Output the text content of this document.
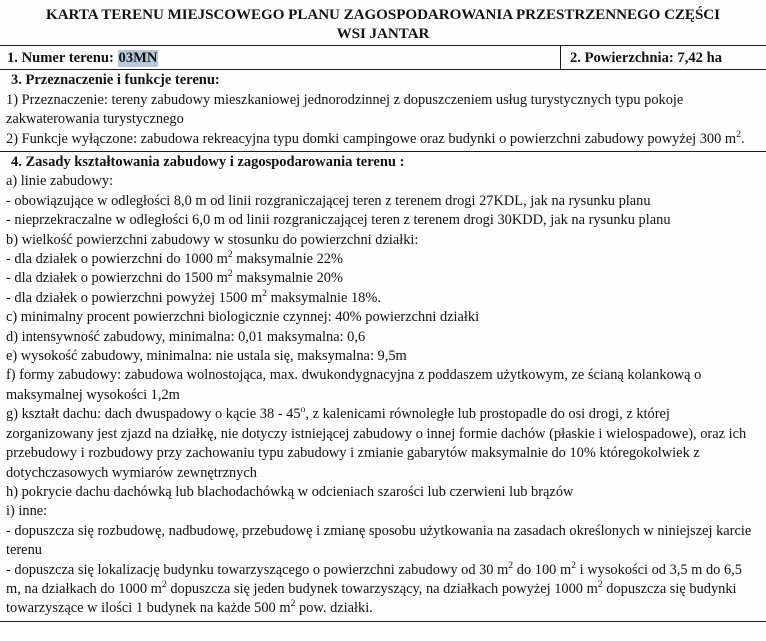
KARTA TERENU MIEJSCOWEGO PLANU ZAGOSPODAROWANIA PRZESTRZENNEGO CZĘŚCI
WSI JANTAR
1. Numer terenu:
03MN	2. Powierzchnia: 7,42 ha

3. Przeznaczenie i funkcje terenu:

1) Przeznaczenie: tereny zabudowy mieszkaniowej jednorodzinnej z dopuszczeniem usług turystycznych typu pokoje zakwaterowania turystycznego

2) Funkcje wyłączone: zabudowa rekreacyjna typu domki campingowe oraz budynki o powierzchni zabudowy powyżej 300 $m^2$.

4. Zasady kształtowania zabudowy i zagospodarowania terenu :

a) linie zabudowy:

- obowiązujące w odległości 8,0 m od linii rozgraniczającej teren z terenem drogi 27KDL, jak na rysunku planu

- nieprzekraczalne w odległości 6,0 m od linii rozgraniczającej teren z terenem drogi 30KDD, jak na rysunku planu

b) wielkość powierzchni zabudowy w stosunku do powierzchni działki:

- dla działek o powierzchni do 1000 $m^2$ maksymalnie 22%

- dla działek o powierzchni do 1500 $m^2$ maksymalnie 20%

- dla działek o powierzchni powyżej 1500 $m^2$ maksymalnie 18%.

c) minimalny procent powierzchni biologicznie czynnej: 40% powierzchni działki

d) intensywność zabudowy, minimalna: 0,01 maksymalna: 0,6

e) wysokość zabudowy, minimalna: nie ustala się, maksymalna: 9,5m

f) formy zabudowy: zabudowa wolnostojąca, max. dwukondygnacyjna z poddaszem użytkowym, ze ścianą kolankową o maksymalnej wysokości 1,2m

g) kształt dachu: dach dwuspadowy o kącie 38 - 45$^o$, z kalenicami równoległe lub prostopadle do osi drogi, z której zorganizowany jest zjazd na działkę, nie dotyczy istniejącej zabudowy o innej formie dachów (płaskie i wielospadowe), oraz ich przebudowy i rozbudowy przy zachowaniu typu zabudowy i zmianie gabarytów maksymalnie do 10% któregokolwiek z dotychczasowych wymiarów zewnętrznych

h) pokrycie dachu dachówką lub blachodachówką w odcieniach szarości lub czerwieni lub brązów

i) inne:

- dopuszcza się rozbudowę, nadbudowę, przebudowę i zmianę sposobu użytkowania na zasadach określonych w niniejszej karcie terenu

- dopuszcza się lokalizację budynku towarzyszącego o powierzchni zabudowy od 30 $m^2$ do 100 $m^2$ i wysokości od 3,5 m do 6,5 m, na działkach do 1000 $m^2$ dopuszcza się jeden budynek towarzyszący, na działkach powyżej 1000 $m^2$ dopuszcza się budynki towarzyszące w ilości 1 budynek na każde 500 $m^2$ pow. działki.
